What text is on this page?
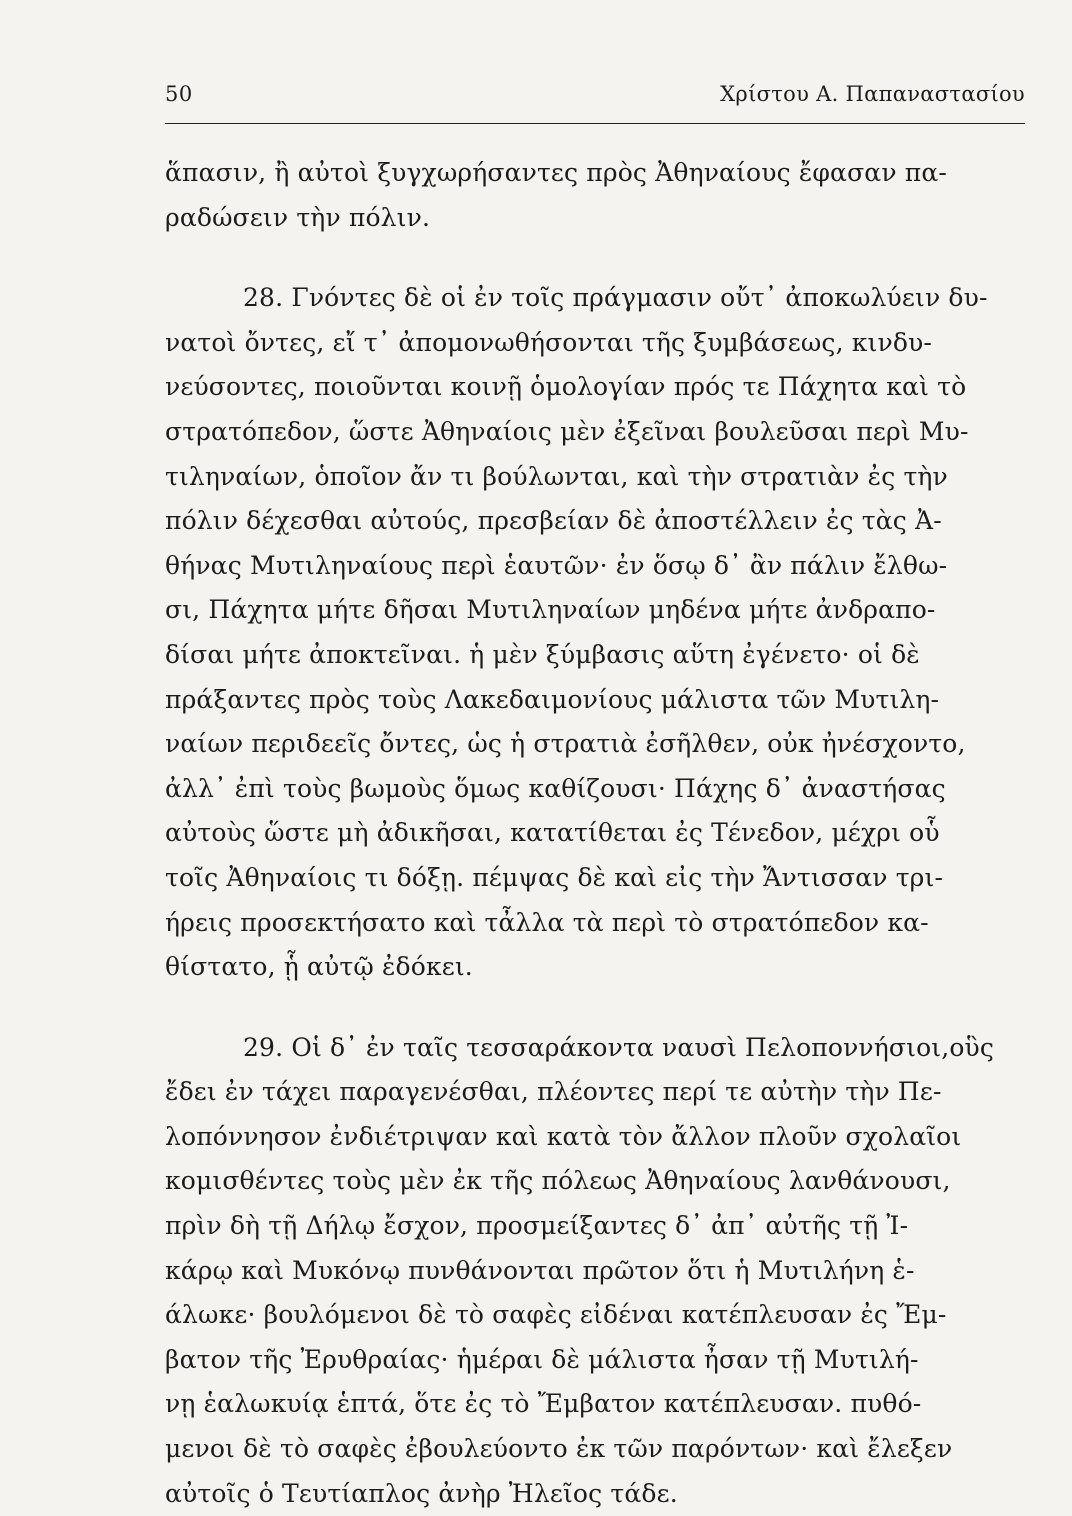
50	Χρίστου Α. Παπαναστασίου
ἅπασιν, ἢ αὐτοὶ ξυγχωρήσαντες πρὸς Ἀθηναίους ἔφασαν πα-
ραδώσειν τὴν πόλιν.
28. Γνόντες δὲ οἱ ἐν τοῖς πράγμασιν οὔτ᾽ ἀποκωλύειν δυ-
νατοὶ ὄντες, εἴ τ᾽ ἀπομονωθήσονται τῆς ξυμβάσεως, κινδυ-
νεύσοντες, ποιοῦνται κοινῇ ὁμολογίαν πρός τε Πάχητα καὶ τὸ
στρατόπεδον, ὥστε Ἀθηναίοις μὲν ἐξεῖναι βουλεῦσαι περὶ Μυ-
τιληναίων, ὁποῖον ἄν τι βούλωνται, καὶ τὴν στρατιὰν ἐς τὴν
πόλιν δέχεσθαι αὐτούς, πρεσβείαν δὲ ἀποστέλλειν ἐς τὰς Ἀ-
θήνας Μυτιληναίους περὶ ἑαυτῶν· ἐν ὅσῳ δ᾽ ἂν πάλιν ἔλθω-
σι, Πάχητα μήτε δῆσαι Μυτιληναίων μηδένα μήτε ἀνδραπο-
δίσαι μήτε ἀποκτεῖναι. ἡ μὲν ξύμβασις αὕτη ἐγένετο· οἱ δὲ
πράξαντες πρὸς τοὺς Λακεδαιμονίους μάλιστα τῶν Μυτιλη-
ναίων περιδεεῖς ὄντες, ὡς ἡ στρατιὰ ἐσῆλθεν, οὐκ ἠνέσχοντο,
ἀλλ᾽ ἐπὶ τοὺς βωμοὺς ὅμως καθίζουσι· Πάχης δ᾽ ἀναστήσας
αὐτοὺς ὥστε μὴ ἀδικῆσαι, κατατίθεται ἐς Τένεδον, μέχρι οὗ
τοῖς Ἀθηναίοις τι δόξῃ. πέμψας δὲ καὶ εἰς τὴν Ἄντισσαν τρι-
ήρεις προσεκτήσατο καὶ τἆλλα τὰ περὶ τὸ στρατόπεδον κα-
θίστατο, ᾗ αὐτῷ ἐδόκει.
29. Οἱ δ᾽ ἐν ταῖς τεσσαράκοντα ναυσὶ Πελοποννήσιοι,οὓς
ἔδει ἐν τάχει παραγενέσθαι, πλέοντες περί τε αὐτὴν τὴν Πε-
λοπόννησον ἐνδιέτριψαν καὶ κατὰ τὸν ἄλλον πλοῦν σχολαῖοι
κομισθέντες τοὺς μὲν ἐκ τῆς πόλεως Ἀθηναίους λανθάνουσι,
πρὶν δὴ τῇ Δήλῳ ἔσχον, προσμείξαντες δ᾽ ἀπ᾽ αὐτῆς τῇ Ἰ-
κάρῳ καὶ Μυκόνῳ πυνθάνονται πρῶτον ὅτι ἡ Μυτιλήνη ἑ-
άλωκε· βουλόμενοι δὲ τὸ σαφὲς εἰδέναι κατέπλευσαν ἐς Ἔμ-
βατον τῆς Ἐρυθραίας· ἡμέραι δὲ μάλιστα ἦσαν τῇ Μυτιλή-
νῃ ἑαλωκυίᾳ ἑπτά, ὅτε ἐς τὸ Ἔμβατον κατέπλευσαν. πυθό-
μενοι δὲ τὸ σαφὲς ἐβουλεύοντο ἐκ τῶν παρόντων· καὶ ἔλεξεν
αὐτοῖς ὁ Τευτίαπλος ἀνὴρ Ἠλεῖος τάδε.
